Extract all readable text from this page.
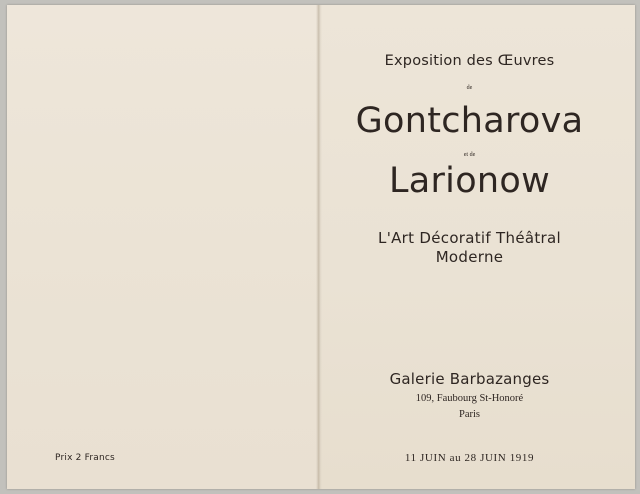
Exposition des Œuvres
de
Gontcharova
et de
Larionow
L'Art Décoratif Théâtral
Moderne
Galerie Barbazanges
109, Faubourg St-Honoré
Paris
11 JUIN au 28 JUIN 1919
Prix 2 Francs
